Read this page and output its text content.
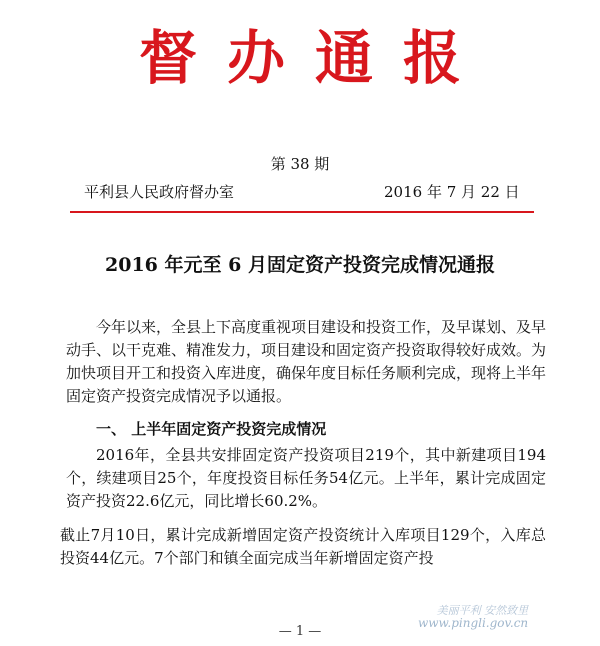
督办通报
第 38 期
平利县人民政府督办室	2016 年 7 月 22 日
2016 年元至 6 月固定资产投资完成情况通报

今年以来，全县上下高度重视项目建设和投资工作，及早谋划、及早动手、以干克难、精准发力，项目建设和固定资产投资取得较好成效。为加快项目开工和投资入库进度，确保年度目标任务顺利完成，现将上半年固定资产投资完成情况予以通报。

一、 上半年固定资产投资完成情况

2016年，全县共安排固定资产投资项目219个，其中新建项目194个，续建项目25个，年度投资目标任务54亿元。上半年，累计完成固定资产投资22.6亿元，同比增长60.2%。

截止7月10日，累计完成新增固定资产投资统计入库项目129个，入库总投资44亿元。7个部门和镇全面完成当年新增固定资产投

美丽平利 安然致里
www.pingli.gov.cn
— 1 —
